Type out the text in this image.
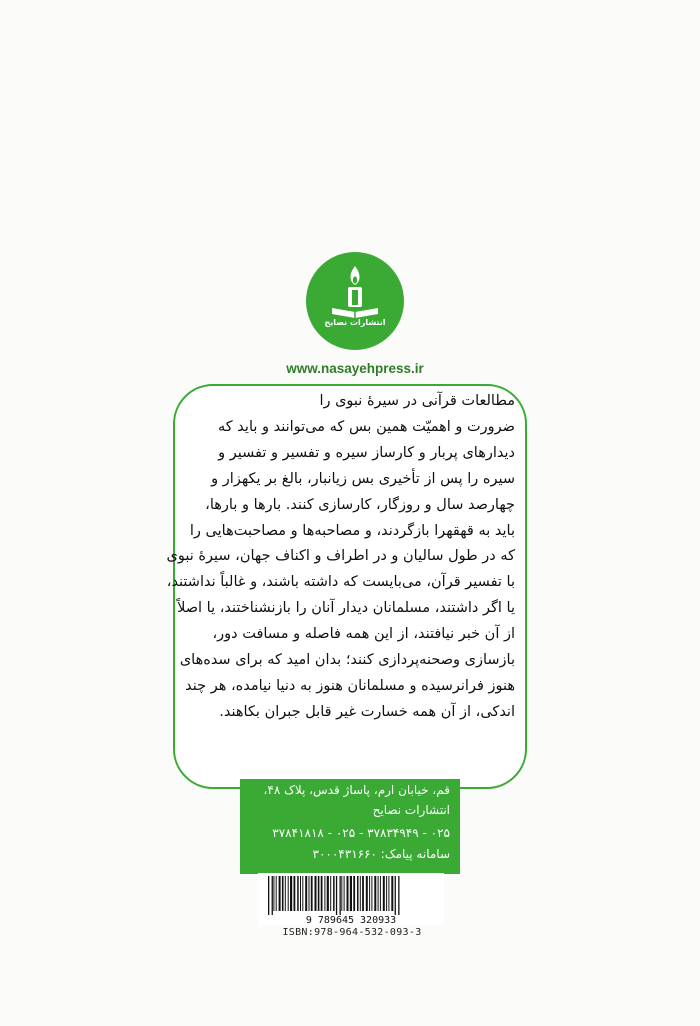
انتشارات نصایح
www.nasayehpress.ir
مطالعات قرآنی در سیرهٔ نبوی را
ضرورت و اهمیّت همین بس که می‌توانند و باید که
دیدارهای پربار و کارساز سیره و تفسیر و تفسیر و
سیره را پس از تأخیری بس زیانبار، بالغ بر یکهزار و
چهارصد سال و روزگار، کارسازی کنند. بارها و بارها،
باید به قهقهرا بازگردند، و مصاحبه‌ها و مصاحبت‌هایی را
که در طول سالیان و در اطراف و اکناف جهان، سیرهٔ نبوی
با تفسیر قرآن، می‌بایست که داشته باشند، و غالباً نداشتند،
یا اگر داشتند، مسلمانان دیدار آنان را بازنشناختند، یا اصلاً
از آن خبر نیافتند، از این همه فاصله و مسافت دور،
بازسازی وصحنه‌پردازی کنند؛ بدان امید که برای سده‌های
هنوز فرانرسیده و مسلمانان هنوز به دنیا نیامده، هر چند
اندکی، از آن همه خسارت غیر قابل جبران بکاهند.
قم، خیابان ارم، پاساژ قدس، پلاک ۴۸،
انتشارات نصایح
۰۲۵ - ۳۷۸۳۴۹۴۹ - ۰۲۵ - ۳۷۸۴۱۸۱۸
سامانه پیامک: ۳۰۰۰۴۳۱۶۶۰
9 789645 320933
ISBN:978-964-532-093-3
